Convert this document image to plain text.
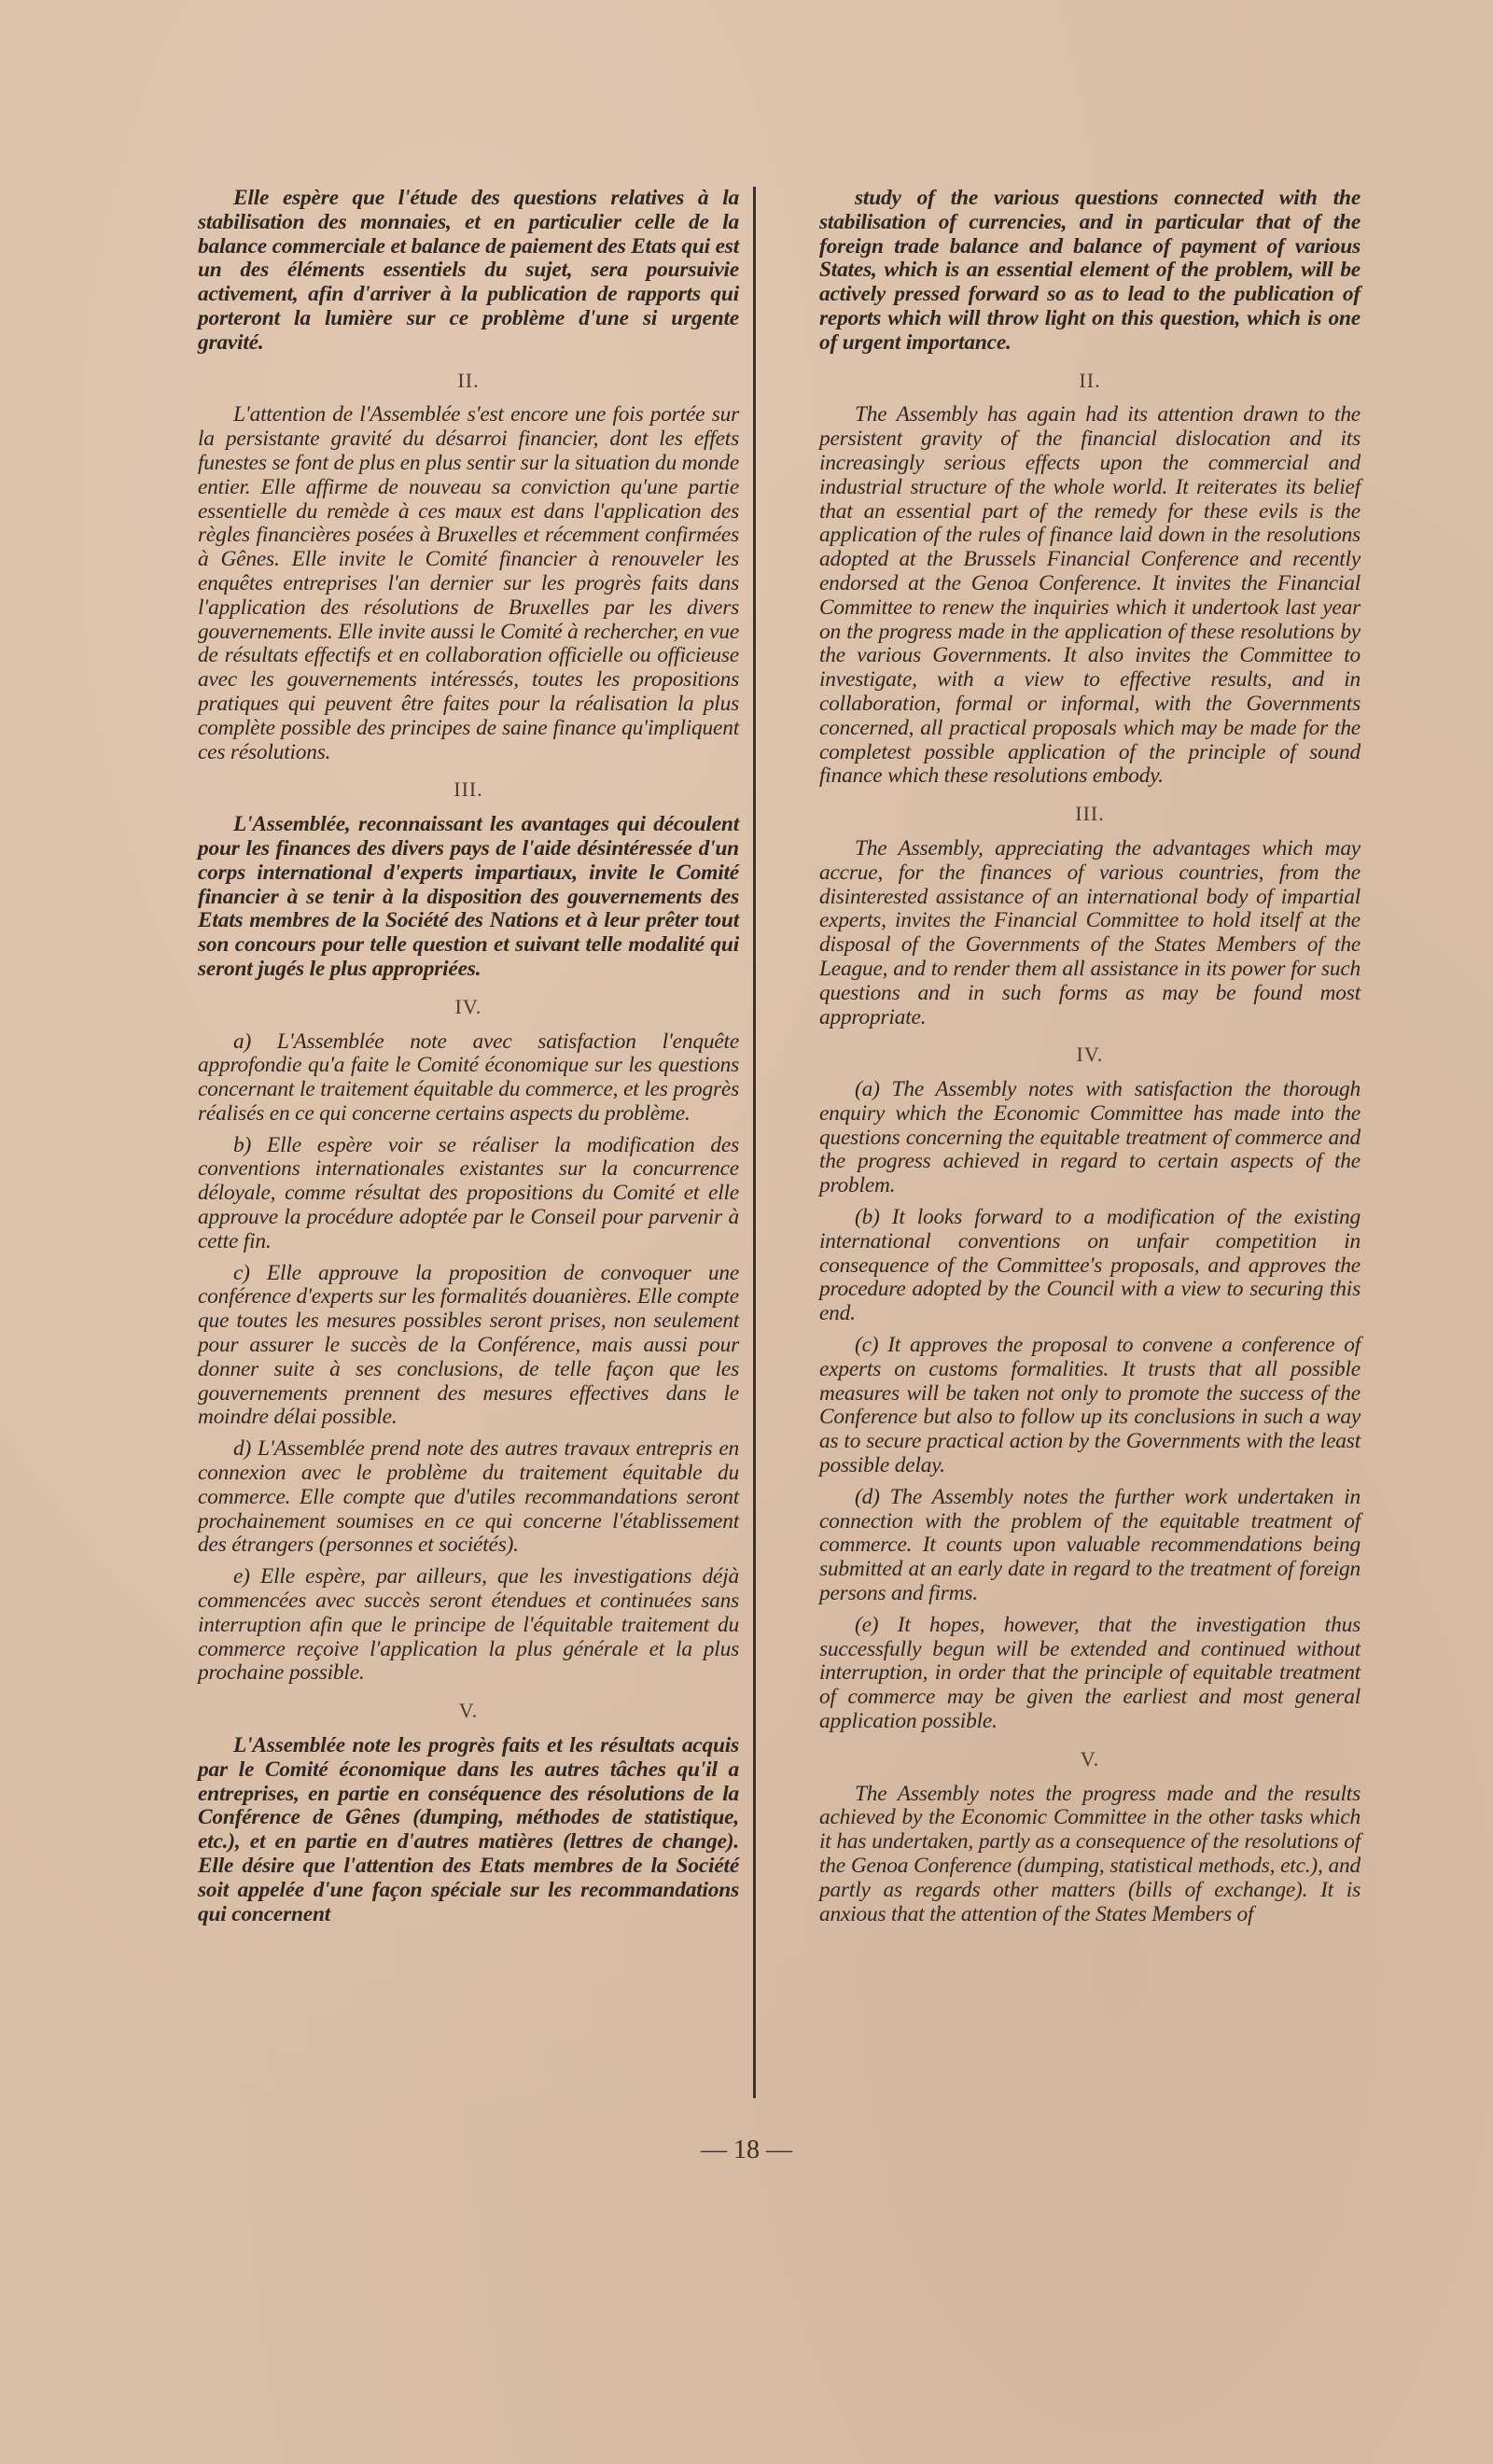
Elle espère que l'étude des questions relatives à la stabilisation des monnaies, et en particulier celle de la balance commerciale et balance de paiement des Etats qui est un des éléments essentiels du sujet, sera poursuivie activement, afin d'arriver à la publication de rapports qui porteront la lumière sur ce problème d'une si urgente gravité.

II.

L'attention de l'Assemblée s'est encore une fois portée sur la persistante gravité du désarroi financier, dont les effets funestes se font de plus en plus sentir sur la situation du monde entier. Elle affirme de nouveau sa conviction qu'une partie essentielle du remède à ces maux est dans l'application des règles financières posées à Bruxelles et récemment confirmées à Gênes. Elle invite le Comité financier à renouveler les enquêtes entreprises l'an dernier sur les progrès faits dans l'application des résolutions de Bruxelles par les divers gouvernements. Elle invite aussi le Comité à rechercher, en vue de résultats effectifs et en collaboration officielle ou officieuse avec les gouvernements intéressés, toutes les propositions pratiques qui peuvent être faites pour la réalisation la plus complète possible des principes de saine finance qu'impliquent ces résolutions.

III.

L'Assemblée, reconnaissant les avantages qui découlent pour les finances des divers pays de l'aide désintéressée d'un corps international d'experts impartiaux, invite le Comité financier à se tenir à la disposition des gouvernements des Etats membres de la Société des Nations et à leur prêter tout son concours pour telle question et suivant telle modalité qui seront jugés le plus appropriées.

IV.

a) L'Assemblée note avec satisfaction l'enquête approfondie qu'a faite le Comité économique sur les questions concernant le traitement équitable du commerce, et les progrès réalisés en ce qui concerne certains aspects du problème.

b) Elle espère voir se réaliser la modification des conventions internationales existantes sur la concurrence déloyale, comme résultat des propositions du Comité et elle approuve la procédure adoptée par le Conseil pour parvenir à cette fin.

c) Elle approuve la proposition de convoquer une conférence d'experts sur les formalités douanières. Elle compte que toutes les mesures possibles seront prises, non seulement pour assurer le succès de la Conférence, mais aussi pour donner suite à ses conclusions, de telle façon que les gouvernements prennent des mesures effectives dans le moindre délai possible.

d) L'Assemblée prend note des autres travaux entrepris en connexion avec le problème du traitement équitable du commerce. Elle compte que d'utiles recommandations seront prochainement soumises en ce qui concerne l'établissement des étrangers (personnes et sociétés).

e) Elle espère, par ailleurs, que les investigations déjà commencées avec succès seront étendues et continuées sans interruption afin que le principe de l'équitable traitement du commerce reçoive l'application la plus générale et la plus prochaine possible.

V.

L'Assemblée note les progrès faits et les résultats acquis par le Comité économique dans les autres tâches qu'il a entreprises, en partie en conséquence des résolutions de la Conférence de Gênes (dumping, méthodes de statistique, etc.), et en partie en d'autres matières (lettres de change). Elle désire que l'attention des Etats membres de la Société soit appelée d'une façon spéciale sur les recommandations qui concernent

study of the various questions connected with the stabilisation of currencies, and in particular that of the foreign trade balance and balance of payment of various States, which is an essential element of the problem, will be actively pressed forward so as to lead to the publication of reports which will throw light on this question, which is one of urgent importance.

II.

The Assembly has again had its attention drawn to the persistent gravity of the financial dislocation and its increasingly serious effects upon the commercial and industrial structure of the whole world. It reiterates its belief that an essential part of the remedy for these evils is the application of the rules of finance laid down in the resolutions adopted at the Brussels Financial Conference and recently endorsed at the Genoa Conference. It invites the Financial Committee to renew the inquiries which it undertook last year on the progress made in the application of these resolutions by the various Governments. It also invites the Committee to investigate, with a view to effective results, and in collaboration, formal or informal, with the Governments concerned, all practical proposals which may be made for the completest possible application of the principle of sound finance which these resolutions embody.

III.

The Assembly, appreciating the advantages which may accrue, for the finances of various countries, from the disinterested assistance of an international body of impartial experts, invites the Financial Committee to hold itself at the disposal of the Governments of the States Members of the League, and to render them all assistance in its power for such questions and in such forms as may be found most appropriate.

IV.

(a) The Assembly notes with satisfaction the thorough enquiry which the Economic Committee has made into the questions concerning the equitable treatment of commerce and the progress achieved in regard to certain aspects of the problem.

(b) It looks forward to a modification of the existing international conventions on unfair competition in consequence of the Committee's proposals, and approves the procedure adopted by the Council with a view to securing this end.

(c) It approves the proposal to convene a conference of experts on customs formalities. It trusts that all possible measures will be taken not only to promote the success of the Conference but also to follow up its conclusions in such a way as to secure practical action by the Governments with the least possible delay.

(d) The Assembly notes the further work undertaken in connection with the problem of the equitable treatment of commerce. It counts upon valuable recommendations being submitted at an early date in regard to the treatment of foreign persons and firms.

(e) It hopes, however, that the investigation thus successfully begun will be extended and continued without interruption, in order that the principle of equitable treatment of commerce may be given the earliest and most general application possible.

V.

The Assembly notes the progress made and the results achieved by the Economic Committee in the other tasks which it has undertaken, partly as a consequence of the resolutions of the Genoa Conference (dumping, statistical methods, etc.), and partly as regards other matters (bills of exchange). It is anxious that the attention of the States Members of

— 18 —
